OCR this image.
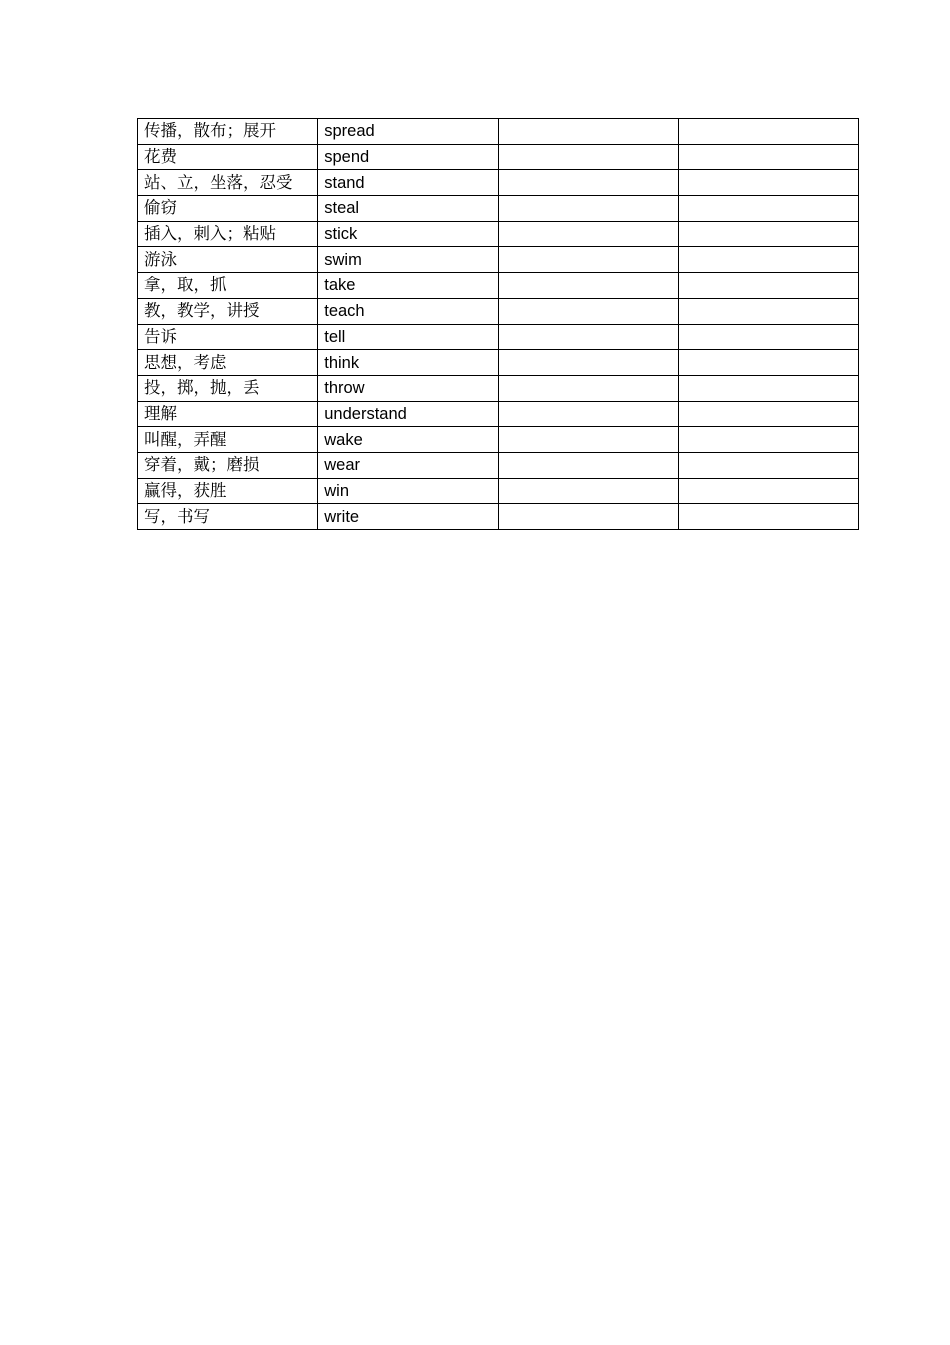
传播，散布；展开	spread		
花费	spend		
站、立，坐落，忍受	stand		
偷窃	steal		
插入，刺入；粘贴	stick		
游泳	swim		
拿，取，抓	take		
教，教学，讲授	teach		
告诉	tell		
思想，考虑	think		
投，掷，抛，丢	throw		
理解	understand		
叫醒，弄醒	wake		
穿着，戴；磨损	wear		
赢得，获胜	win		
写，书写	write		
